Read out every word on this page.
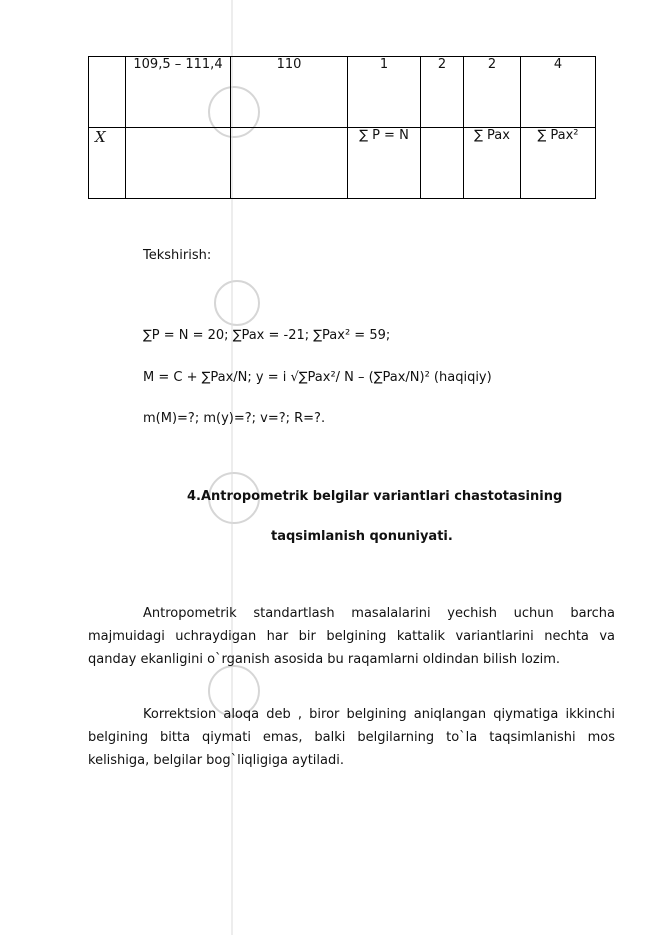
	109,5 – 111,4	110	1	2	2	4
X			∑ P = N		∑ Pax	∑ Pax²
Tekshirish:
∑P = N = 20; ∑Pax = -21; ∑Pax² = 59;
M = C + ∑Pax/N; y = і √∑Pax²/ N – (∑Pax/N)² (haqiqiy)
m(M)=?; m(y)=?; v=?; R=?.
4.Antropometrik belgilar variantlari chastotasining
taqsimlanish qonuniyati.
Antropometrik standartlash masalalarini yechish uchun barcha majmuidagi uchraydigan har bir belgining kattalik variantlarini nechta va qanday ekanligini o`rganish asosida bu raqamlarni oldindan bilish lozim.
Korrektsion aloqa deb , biror belgining aniqlangan qiymatiga ikkinchi belgining bitta qiymati emas, balki belgilarning to`la taqsimlanishi mos kelishiga, belgilar bog`liqligiga aytiladi.
